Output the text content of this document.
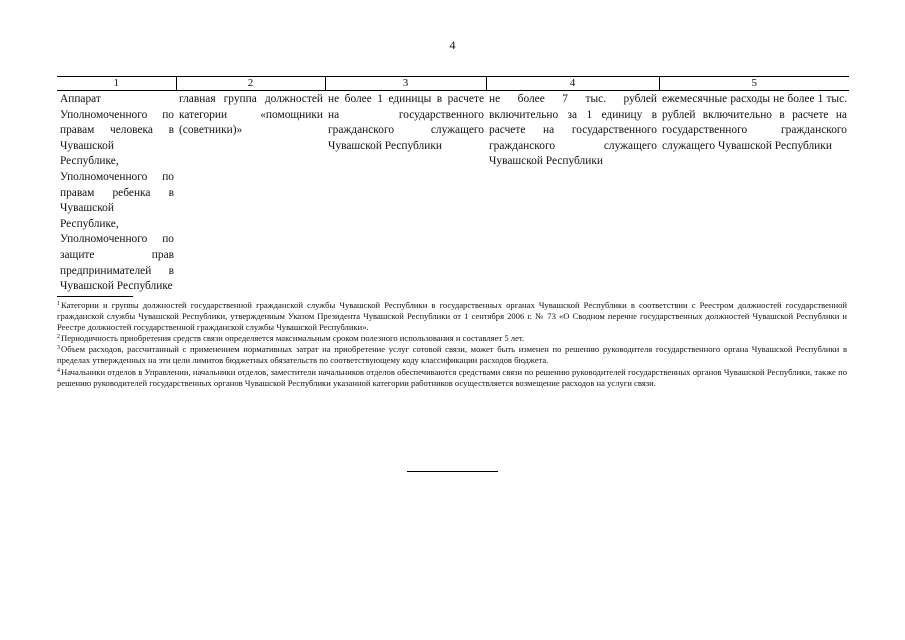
4
1	2	3	4	5
Аппарат Уполномоченного по правам человека в Чувашской Республике, Уполномоченного по правам ребенка в Чувашской Республике, Уполномоченного по защите прав предпринимателей в Чувашской Республике	главная группа должностей категории «помощники (советники)»	не более 1 единицы в расчете на государственного гражданского служащего Чувашской Республики	не более 7 тыс. рублей включительно за 1 единицу в расчете на государственного гражданского служащего Чувашской Республики	ежемесячные расходы не более 1 тыс. рублей включительно в расчете на государственного гражданского служащего Чувашской Республики

$^1$Категории и группы должностей государственной гражданской службы Чувашской Республики в государственных органах Чувашской Республики в соответствии с Реестром должностей государственной гражданской службы Чувашской Республики, утвержденным Указом Президента Чувашской Республики от 1 сентября 2006 г. № 73 «О Сводном перечне государственных должностей Чувашской Республики и Реестре должностей государственной гражданской службы Чувашской Республики».

$^2$Периодичность приобретения средств связи определяется максимальным сроком полезного использования и составляет 5 лет.

$^3$Объем расходов, рассчитанный с применением нормативных затрат на приобретение услуг сотовой связи, может быть изменен по решению руководителя государственного органа Чувашской Республики в пределах утвержденных на эти цели лимитов бюджетных обязательств по соответствующему коду классификации расходов бюджета.

$^4$Начальники отделов в Управлении, начальники отделов, заместители начальников отделов обеспечиваются средствами связи по решению руководителей государственных органов Чувашской Республики, также по решению руководителей государственных органов Чувашской Республики указанной категории работников осуществляется возмещение расходов на услуги связи.
